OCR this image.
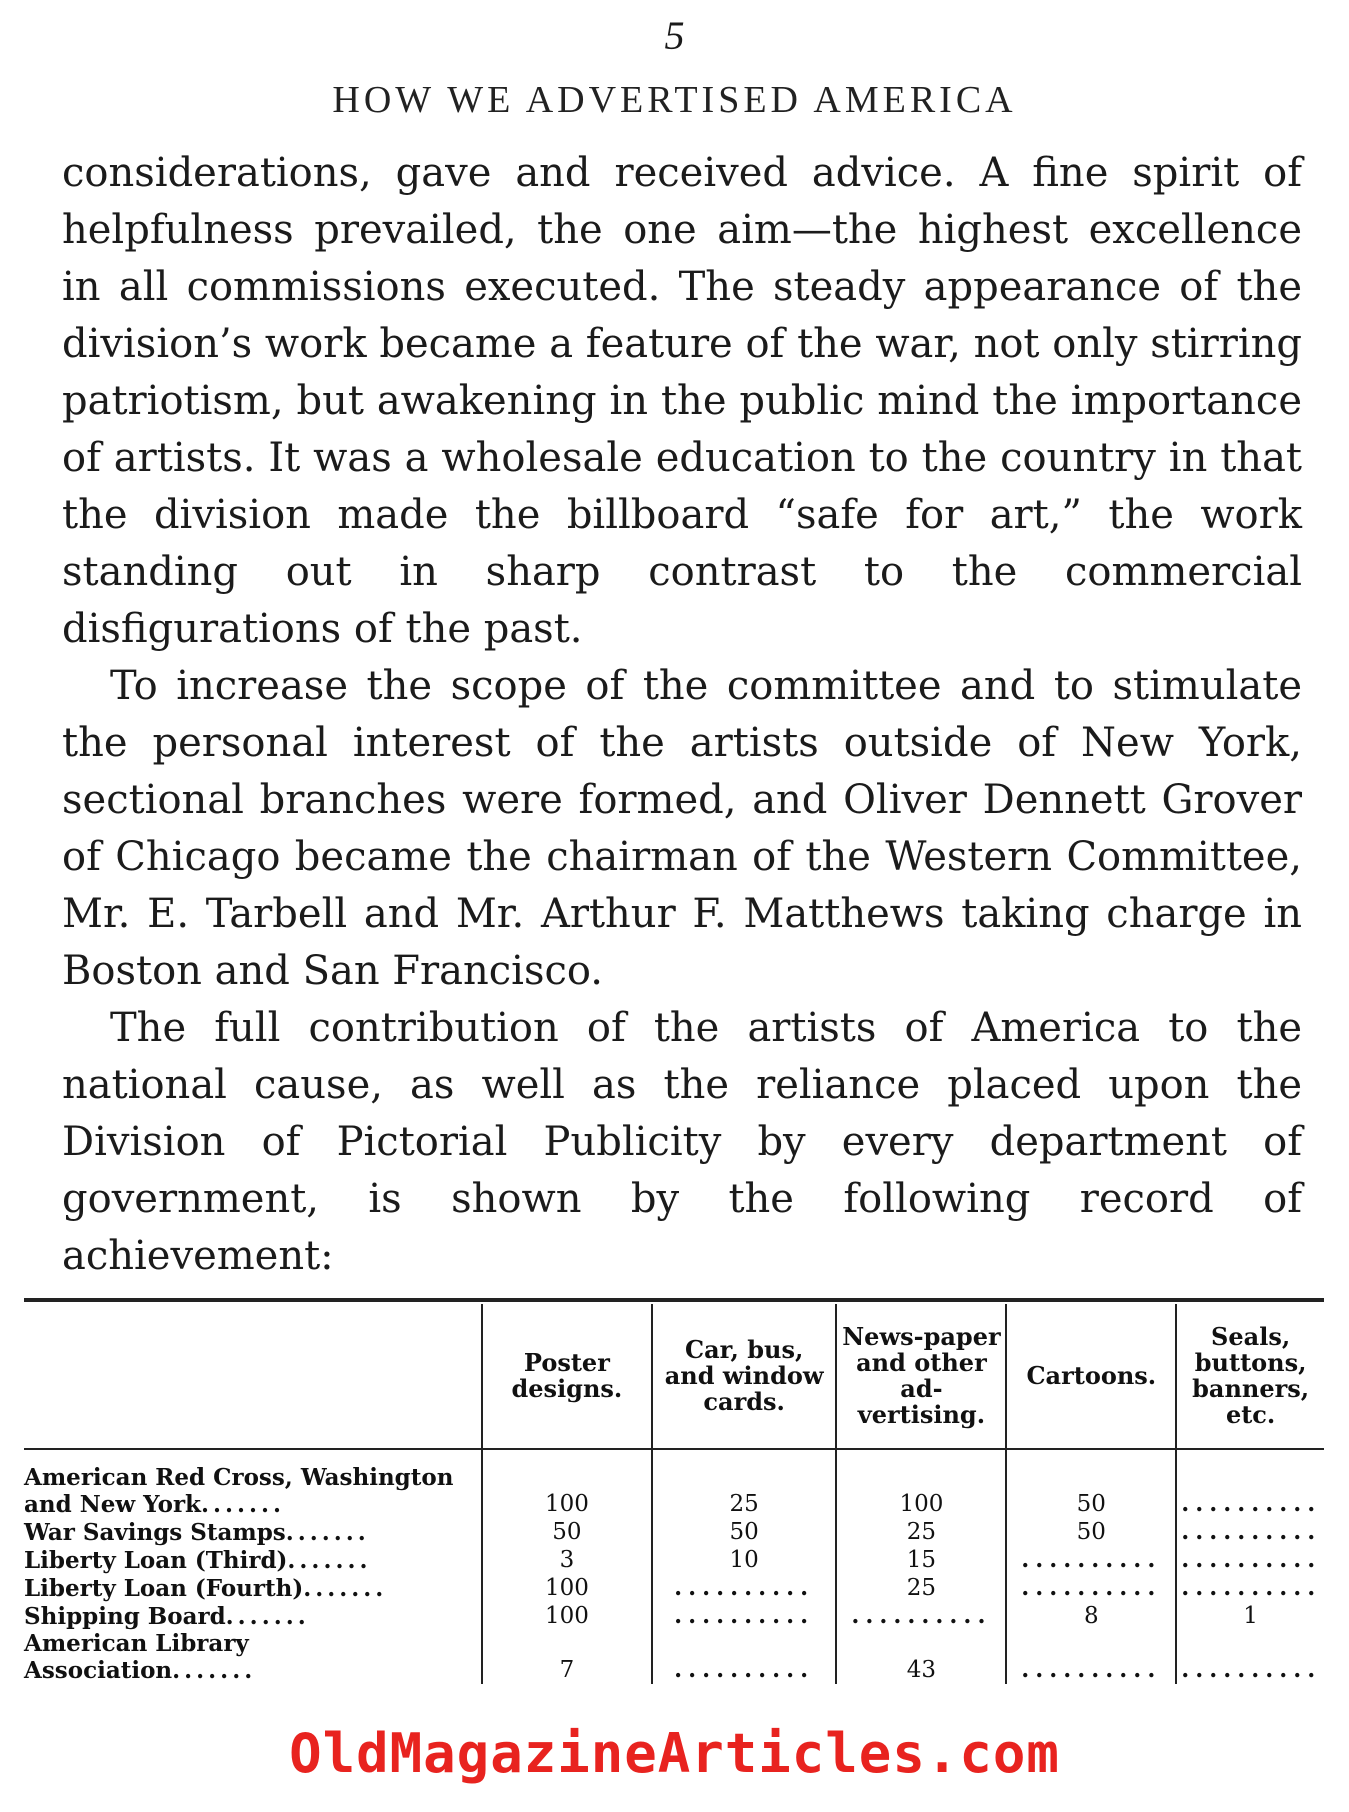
5
HOW WE ADVERTISED AMERICA

considerations, gave and received advice. A fine spirit of helpfulness prevailed, the one aim—the highest excellence in all commissions executed. The steady appearance of the division’s work became a feature of the war, not only stirring patriotism, but awakening in the public mind the importance of artists. It was a wholesale education to the country in that the division made the billboard “safe for art,” the work standing out in sharp contrast to the commercial disfigurations of the past.

To increase the scope of the committee and to stimulate the personal interest of the artists outside of New York, sectional branches were formed, and Oliver Dennett Grover of Chicago became the chairman of the Western Committee, Mr. E. Tarbell and Mr. Arthur F. Matthews taking charge in Boston and San Francisco.

The full contribution of the artists of America to the national cause, as well as the reliance placed upon the Division of Pictorial Publicity by every department of government, is shown by the following record of achievement:

	Poster designs.	Car, bus, and window cards.	News-paper and other ad-vertising.	Cartoons.	Seals, buttons, banners, etc.

American Red Cross, Washington and New York.......	100	25	100	50	..........
War Savings Stamps.......	50	50	25	50	..........
Liberty Loan (Third).......	3	10	15	..........	..........
Liberty Loan (Fourth).......	100	..........	25	..........	..........
Shipping Board.......	100	..........	..........	8	1
American Library Association.......	7	..........	43	..........	..........
OldMagazineArticles.com
